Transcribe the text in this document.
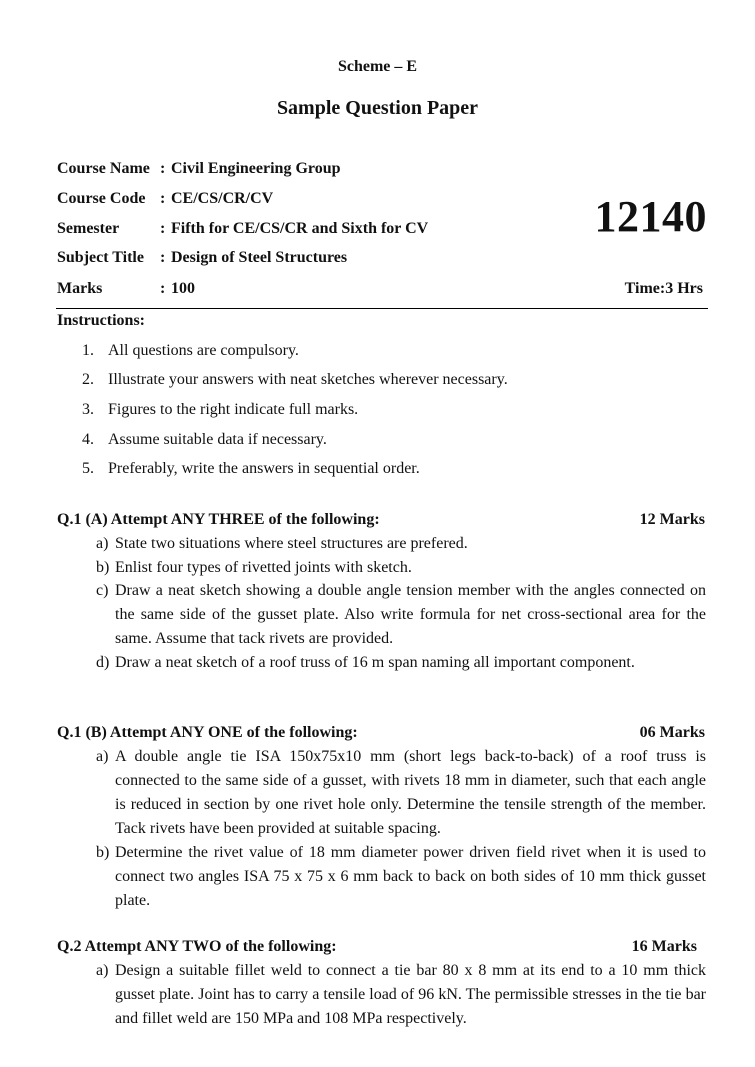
Scheme – E
Sample Question Paper
Course Name : Civil Engineering Group
Course Code : CE/CS/CR/CV
Semester	: Fifth for CE/CS/CR and Sixth for CV
Subject Title : Design of Steel Structures
Marks	: 100
12140
Time:3 Hrs
Instructions:
1. All questions are compulsory.
2. Illustrate your answers with neat sketches wherever necessary.
3. Figures to the right indicate full marks.
4. Assume suitable data if necessary.
5. Preferably, write the answers in sequential order.
Q.1 (A) Attempt ANY THREE of the following:	12 Marks
a) State two situations where steel structures are prefered.
b) Enlist four types of rivetted joints with sketch.
c) Draw a neat sketch showing a double angle tension member with the angles connected on the same side of the gusset plate. Also write formula for net cross-sectional area for the same. Assume that tack rivets are provided.
d) Draw a neat sketch of a roof truss of 16 m span naming all important component.
Q.1 (B) Attempt ANY ONE of the following:	06 Marks
a) A double angle tie ISA 150x75x10 mm (short legs back-to-back) of a roof truss is connected to the same side of a gusset, with rivets 18 mm in diameter, such that each angle is reduced in section by one rivet hole only. Determine the tensile strength of the member. Tack rivets have been provided at suitable spacing.
b) Determine the rivet value of 18 mm diameter power driven field rivet when it is used to connect two angles ISA 75 x 75 x 6 mm back to back on both sides of 10 mm thick gusset plate.
Q.2 Attempt ANY TWO of the following:	16 Marks
a) Design a suitable fillet weld to connect a tie bar 80 x 8 mm at its end to a 10 mm thick gusset plate. Joint has to carry a tensile load of 96 kN. The permissible stresses in the tie bar and fillet weld are 150 MPa and 108 MPa respectively.
